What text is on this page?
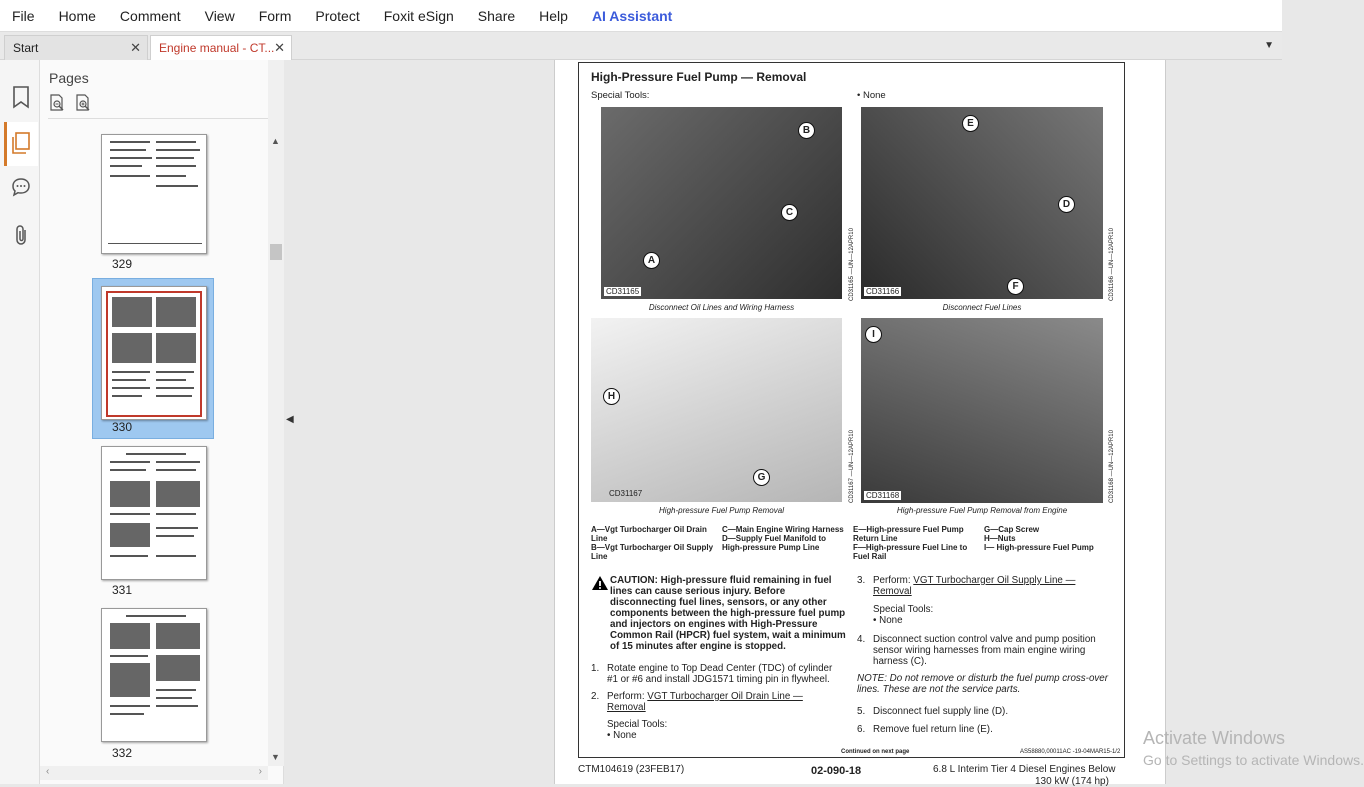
File	Home	Comment	View	Form	Protect	Foxit eSign	Share	Help	AI Assistant
Start	✕ Engine manual - CT... ✕	▼
Pages
329
330
331
332
▲
▼
‹	›
◀
High-Pressure Fuel Pump — Removal
Special Tools:	• None
B
C
A
CD31165	CD31165 —UN—12APR10
Disconnect Oil Lines and Wiring Harness
E
D
F
CD31166	CD31166 —UN—12APR10
Disconnect Fuel Lines
H
G
CD31167	CD31167 —UN—12APR10
High-pressure Fuel Pump Removal
I
CD31168	CD31168 —UN—12APR10
High-pressure Fuel Pump Removal from Engine
A—Vgt Turbocharger Oil Drain Line
B—Vgt Turbocharger Oil Supply Line
C—Main Engine Wiring Harness
D—Supply Fuel Manifold to High-pressure Pump Line
E—High-pressure Fuel Pump Return Line
F—High-pressure Fuel Line to Fuel Rail
G—Cap Screw
H—Nuts
I— High-pressure Fuel Pump
CAUTION: High-pressure fluid remaining in fuel lines can cause serious injury. Before disconnecting fuel lines, sensors, or any other components between the high-pressure fuel pump and injectors on engines with High-Pressure Common Rail (HPCR) fuel system, wait a minimum of 15 minutes after engine is stopped.
1. Rotate engine to Top Dead Center (TDC) of cylinder #1 or #6 and install JDG1571 timing pin in flywheel.
2. Perform: VGT Turbocharger Oil Drain Line — Removal
Special Tools:
• None
3. Perform: VGT Turbocharger Oil Supply Line — Removal
Special Tools:
• None
4. Disconnect suction control valve and pump position sensor wiring harnesses from main engine wiring harness (C).
NOTE: Do not remove or disturb the fuel pump cross-over lines. These are not the service parts.
5. Disconnect fuel supply line (D).
6. Remove fuel return line (E).
Continued on next page	AS58880,00011AC -19-04MAR15-1/2
CTM104619 (23FEB17)	02-090-18	6.8 L Interim Tier 4 Diesel Engines Below
130 kW (174 hp)
Activate Windows
Go to Settings to activate Windows.
